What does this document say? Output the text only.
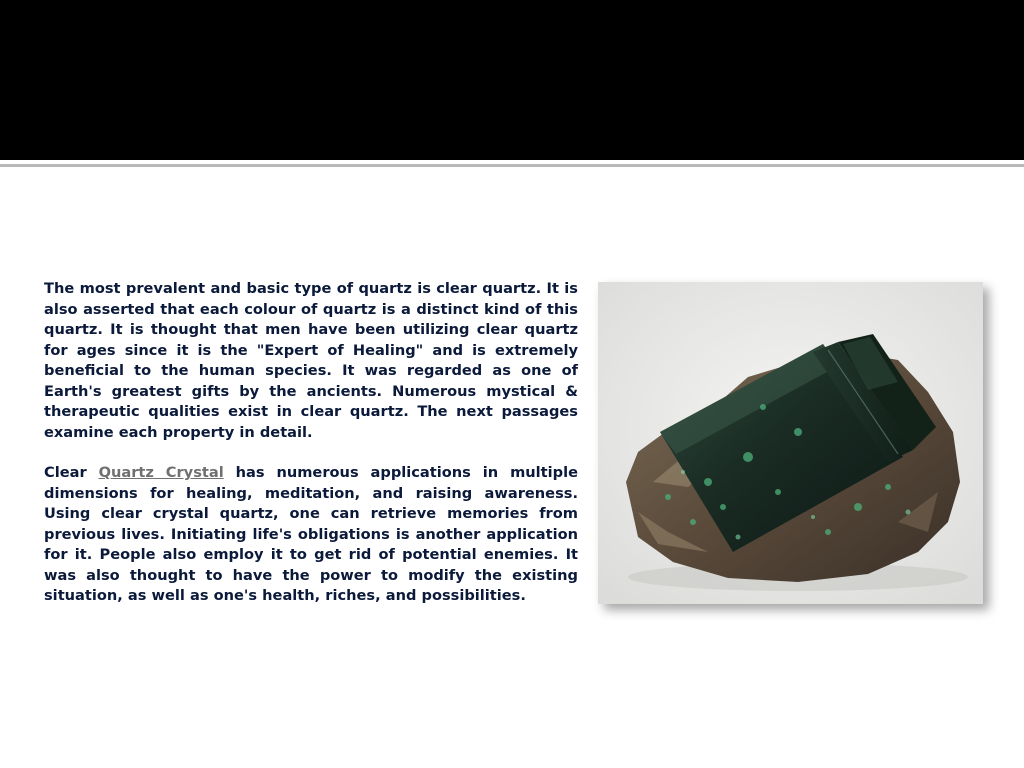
The most prevalent and basic type of quartz is clear quartz. It is also asserted that each colour of quartz is a distinct kind of this quartz. It is thought that men have been utilizing clear quartz for ages since it is the "Expert of Healing" and is extremely beneficial to the human species. It was regarded as one of Earth's greatest gifts by the ancients. Numerous mystical & therapeutic qualities exist in clear quartz. The next passages examine each property in detail.

Clear Quartz Crystal has numerous applications in multiple dimensions for healing, meditation, and raising awareness. Using clear crystal quartz, one can retrieve memories from previous lives. Initiating life's obligations is another application for it. People also employ it to get rid of potential enemies. It was also thought to have the power to modify the existing situation, as well as one's health, riches, and possibilities.
